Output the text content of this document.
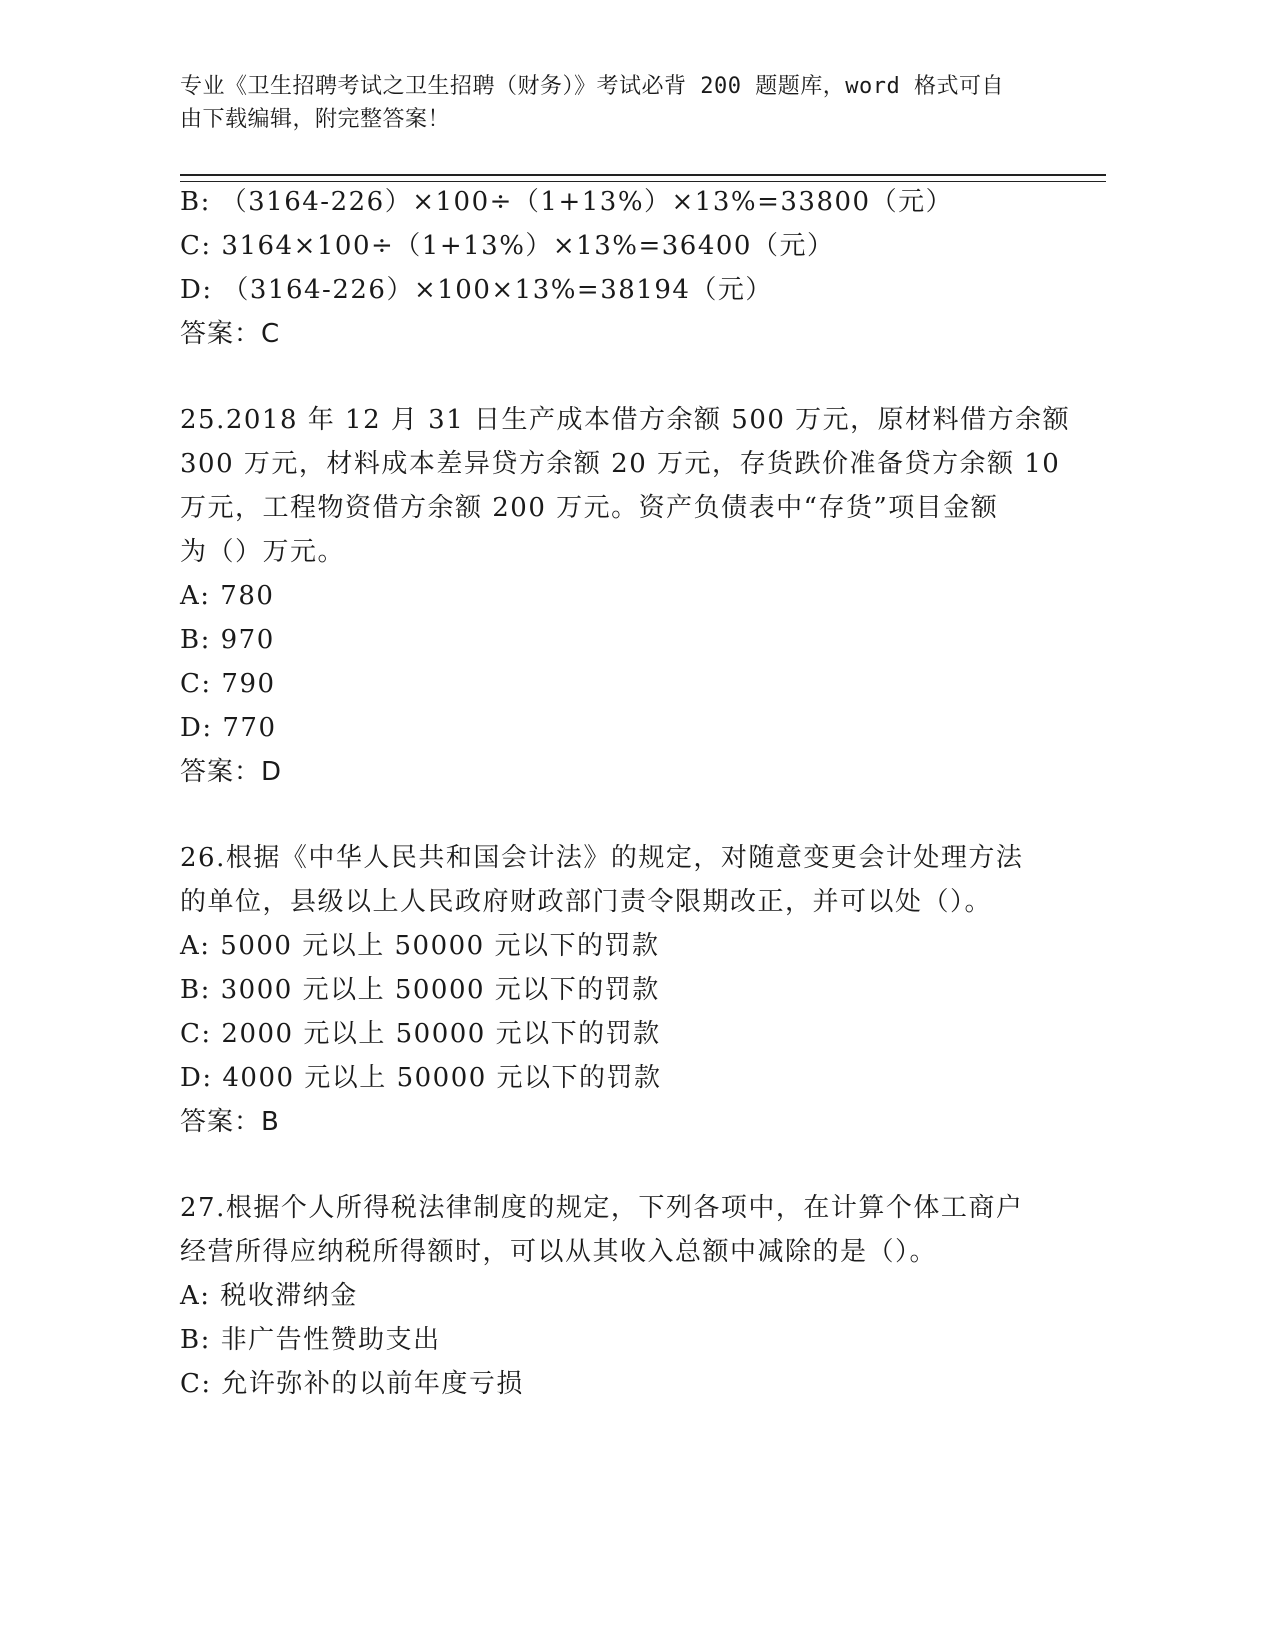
专业《卫生招聘考试之卫生招聘（财务）》考试必背 200 题题库，word 格式可自
由下载编辑，附完整答案！
B: （3164-226）×100÷（1+13%）×13%=33800（元）
C: 3164×100÷（1+13%）×13%=36400（元）
D: （3164-226）×100×13%=38194（元）
答案：C
25.2018 年 12 月 31 日生产成本借方余额 500 万元，原材料借方余额
300 万元，材料成本差异贷方余额 20 万元，存货跌价准备贷方余额 10
万元，工程物资借方余额 200 万元。资产负债表中“存货”项目金额
为（）万元。
A: 780
B: 970
C: 790
D: 770
答案：D
26.根据《中华人民共和国会计法》的规定，对随意变更会计处理方法
的单位，县级以上人民政府财政部门责令限期改正，并可以处（）。
A: 5000 元以上 50000 元以下的罚款
B: 3000 元以上 50000 元以下的罚款
C: 2000 元以上 50000 元以下的罚款
D: 4000 元以上 50000 元以下的罚款
答案：B
27.根据个人所得税法律制度的规定，下列各项中，在计算个体工商户
经营所得应纳税所得额时，可以从其收入总额中减除的是（）。
A: 税收滞纳金
B: 非广告性赞助支出
C: 允许弥补的以前年度亏损
